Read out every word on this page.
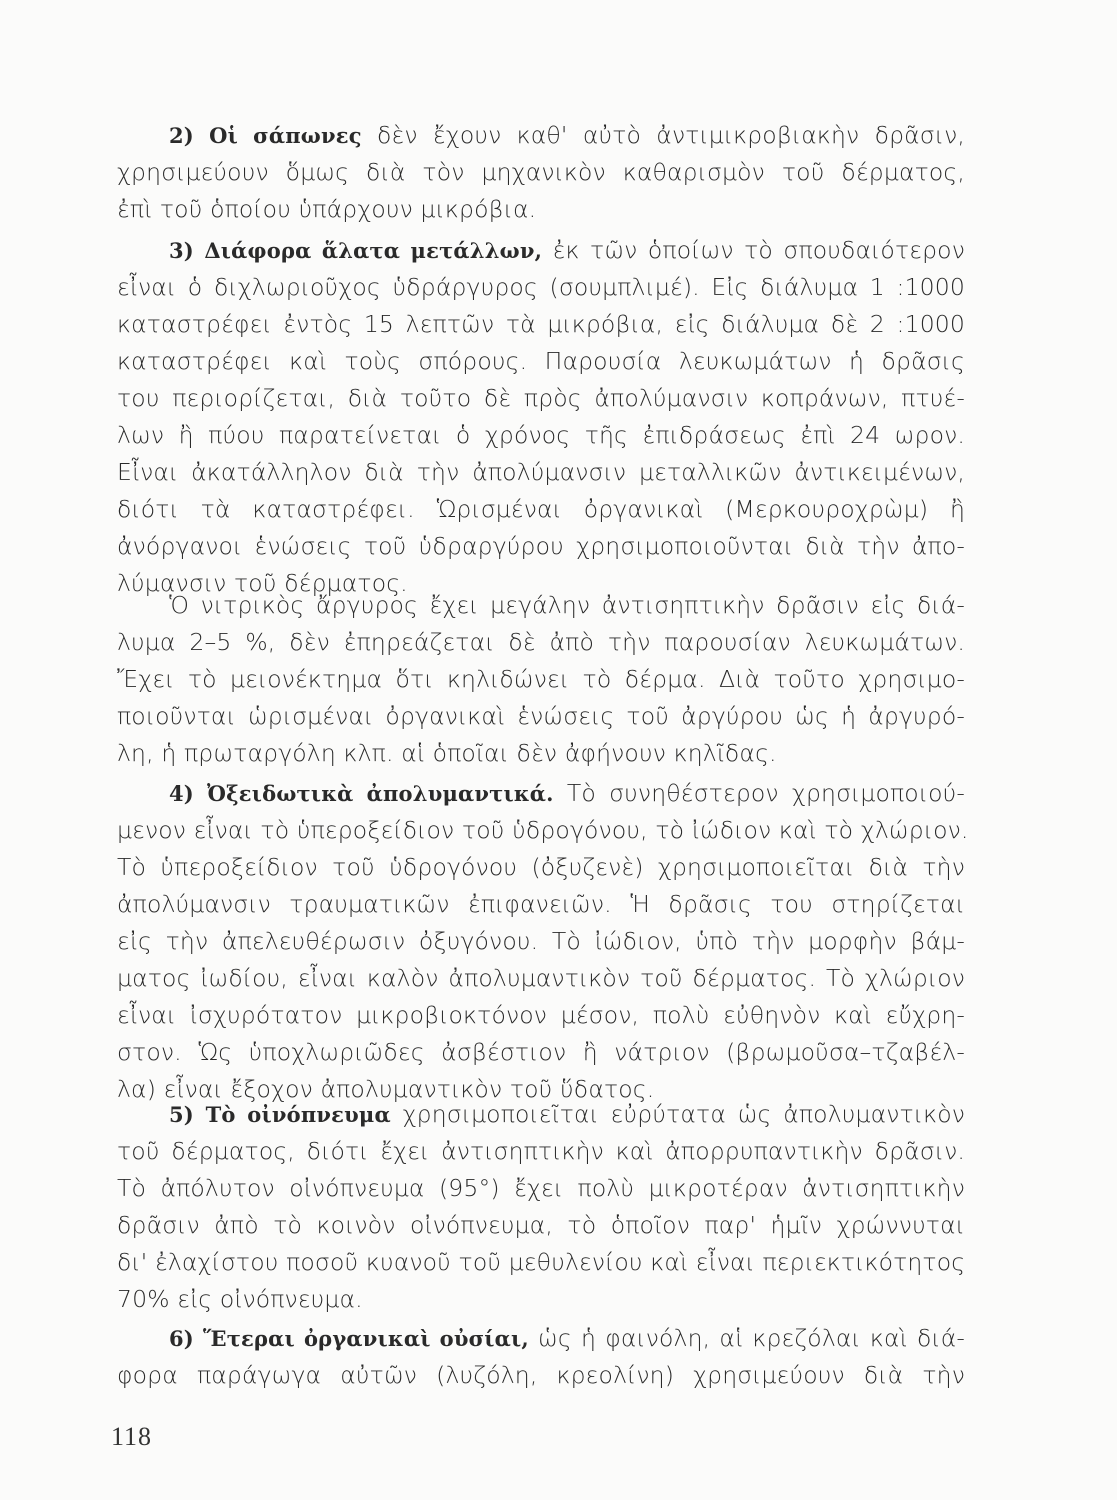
2) Οἱ σάπωνες δὲν ἔχουν καθ' αὐτὸ ἀντιμικροβιακὴν δρᾶσιν,
χρησιμεύουν ὅμως διὰ τὸν μηχανικὸν καθαρισμὸν τοῦ δέρματος,
ἐπὶ τοῦ ὁποίου ὑπάρχουν μικρόβια.
3) Διάφορα ἅλατα μετάλλων, ἐκ τῶν ὁποίων τὸ σπουδαιότερον
εἶναι ὁ διχλωριοῦχος ὑδράργυρος (σουμπλιμέ). Εἰς διάλυμα 1 :1000
καταστρέφει ἐντὸς 15 λεπτῶν τὰ μικρόβια, εἰς διάλυμα δὲ 2 :1000
καταστρέφει καὶ τοὺς σπόρους. Παρουσία λευκωμάτων ἡ δρᾶσις
του περιορίζεται, διὰ τοῦτο δὲ πρὸς ἀπολύμανσιν κοπράνων, πτυέ-
λων ἢ πύου παρατείνεται ὁ χρόνος τῆς ἐπιδράσεως ἐπὶ 24 ωρον.
Εἶναι ἀκατάλληλον διὰ τὴν ἀπολύμανσιν μεταλλικῶν ἀντικειμένων,
διότι τὰ καταστρέφει. Ὡρισμέναι ὀργανικαὶ (Μερκουροχρὼμ) ἢ
ἀνόργανοι ἑνώσεις τοῦ ὑδραργύρου χρησιμοποιοῦνται διὰ τὴν ἀπο-
λύμανσιν τοῦ δέρματος.
Ὁ νιτρικὸς ἄργυρος ἔχει μεγάλην ἀντισηπτικὴν δρᾶσιν εἰς διά-
λυμα 2–5 %, δὲν ἐπηρεάζεται δὲ ἀπὸ τὴν παρουσίαν λευκωμάτων.
Ἔχει τὸ μειονέκτημα ὅτι κηλιδώνει τὸ δέρμα. Διὰ τοῦτο χρησιμο-
ποιοῦνται ὡρισμέναι ὀργανικαὶ ἑνώσεις τοῦ ἀργύρου ὡς ἡ ἀργυρό-
λη, ἡ πρωταργόλη κλπ. αἱ ὁποῖαι δὲν ἀφήνουν κηλῖδας.
4) Ὀξειδωτικὰ ἀπολυμαντικά. Τὸ συνηθέστερον χρησιμοποιού-
μενον εἶναι τὸ ὑπεροξείδιον τοῦ ὑδρογόνου, τὸ ἰώδιον καὶ τὸ χλώριον.
Τὸ ὑπεροξείδιον τοῦ ὑδρογόνου (ὀξυζενὲ) χρησιμοποιεῖται διὰ τὴν
ἀπολύμανσιν τραυματικῶν ἐπιφανειῶν. Ἡ δρᾶσις του στηρίζεται
εἰς τὴν ἀπελευθέρωσιν ὀξυγόνου. Τὸ ἰώδιον, ὑπὸ τὴν μορφὴν βάμ-
ματος ἰωδίου, εἶναι καλὸν ἀπολυμαντικὸν τοῦ δέρματος. Τὸ χλώριον
εἶναι ἰσχυρότατον μικροβιοκτόνον μέσον, πολὺ εὐθηνὸν καὶ εὔχρη-
στον. Ὡς ὑποχλωριῶδες ἀσβέστιον ἢ νάτριον (βρωμοῦσα–τζαβέλ-
λα) εἶναι ἔξοχον ἀπολυμαντικὸν τοῦ ὕδατος.
5) Τὸ οἰνόπνευμα χρησιμοποιεῖται εὐρύτατα ὡς ἀπολυμαντικὸν
τοῦ δέρματος, διότι ἔχει ἀντισηπτικὴν καὶ ἀπορρυπαντικὴν δρᾶσιν.
Τὸ ἀπόλυτον οἰνόπνευμα (95°) ἔχει πολὺ μικροτέραν ἀντισηπτικὴν
δρᾶσιν ἀπὸ τὸ κοινὸν οἰνόπνευμα, τὸ ὁποῖον παρ' ἡμῖν χρώννυται
δι' ἐλαχίστου ποσοῦ κυανοῦ τοῦ μεθυλενίου καὶ εἶναι περιεκτικότητος
70% εἰς οἰνόπνευμα.
6) Ἕτεραι ὀργανικαὶ οὐσίαι, ὡς ἡ φαινόλη, αἱ κρεζόλαι καὶ διά-
φορα παράγωγα αὐτῶν (λυζόλη, κρεολίνη) χρησιμεύουν διὰ τὴν
118
